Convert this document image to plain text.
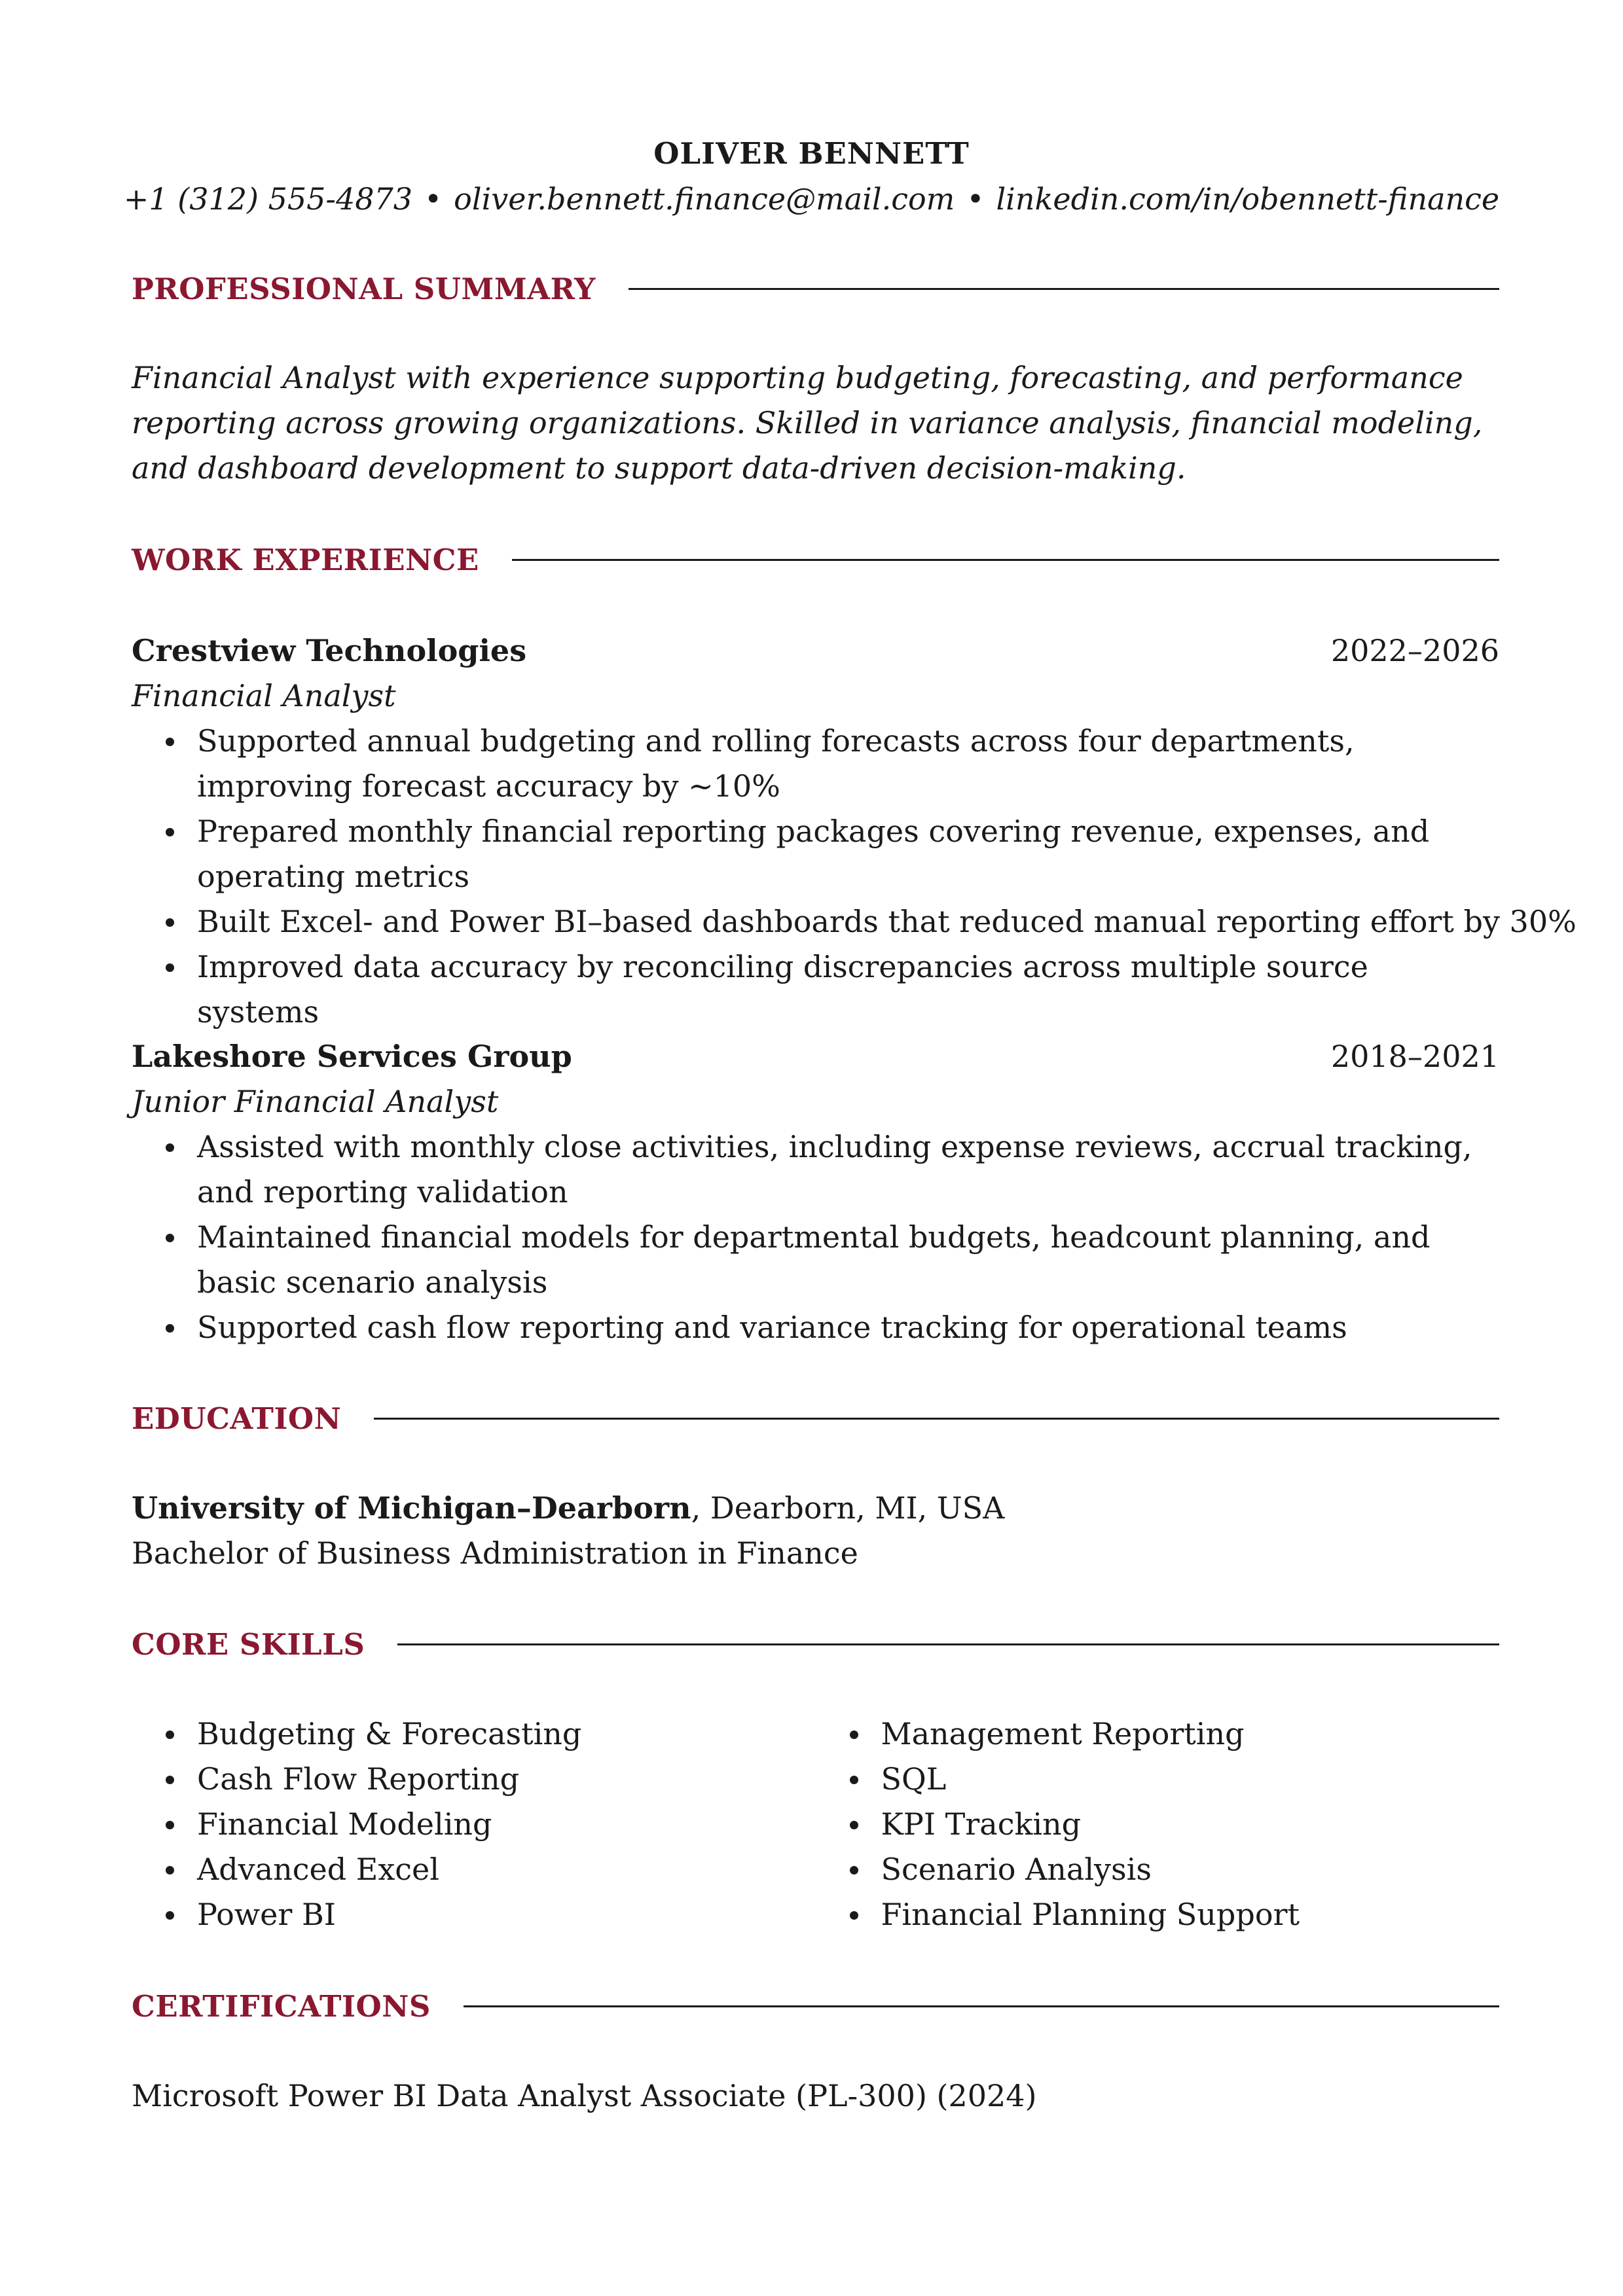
OLIVER BENNETT
+1 (312) 555-4873 • oliver.bennett.finance@mail.com • linkedin.com/in/obennett-finance
PROFESSIONAL SUMMARY
Financial Analyst with experience supporting budgeting, forecasting, and performance reporting across growing organizations. Skilled in variance analysis, financial modeling, and dashboard development to support data-driven decision-making.
WORK EXPERIENCE
Crestview Technologies	2022–2026
Financial Analyst
Supported annual budgeting and rolling forecasts across four departments, improving forecast accuracy by ~10%
Prepared monthly financial reporting packages covering revenue, expenses, and operating metrics
Built Excel- and Power BI–based dashboards that reduced manual reporting effort by 30%
Improved data accuracy by reconciling discrepancies across multiple source systems
Lakeshore Services Group	2018–2021
Junior Financial Analyst
Assisted with monthly close activities, including expense reviews, accrual tracking, and reporting validation
Maintained financial models for departmental budgets, headcount planning, and basic scenario analysis
Supported cash flow reporting and variance tracking for operational teams
EDUCATION
University of Michigan–Dearborn, Dearborn, MI, USA
Bachelor of Business Administration in Finance
CORE SKILLS
Budgeting & Forecasting
Cash Flow Reporting
Financial Modeling
Advanced Excel
Power BI
Management Reporting
SQL
KPI Tracking
Scenario Analysis
Financial Planning Support
CERTIFICATIONS
Microsoft Power BI Data Analyst Associate (PL-300) (2024)
